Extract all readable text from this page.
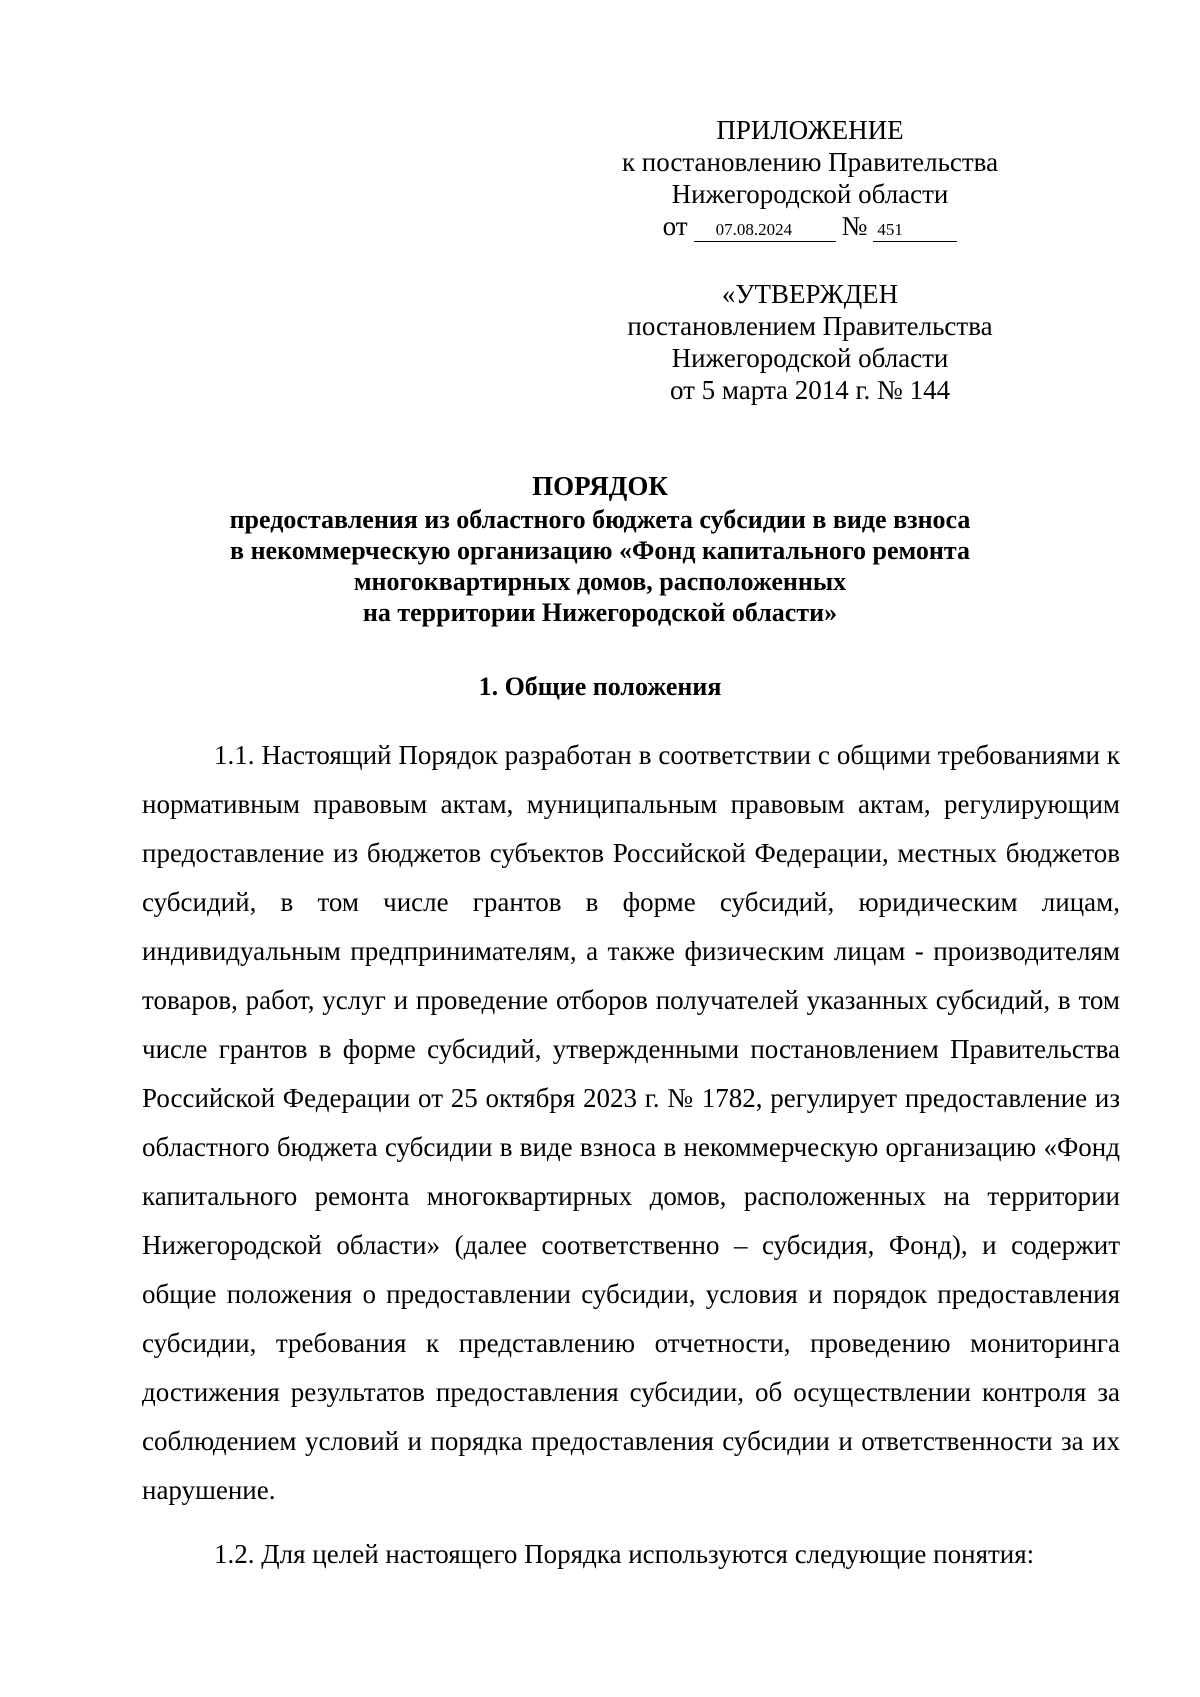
ПРИЛОЖЕНИЕ
к постановлению Правительства
Нижегородской области
от 07.08.2024 № 451
«УТВЕРЖДЕН
постановлением Правительства
Нижегородской области
от 5 марта 2014 г. № 144
ПОРЯДОК
предоставления из областного бюджета субсидии в виде взноса
в некоммерческую организацию «Фонд капитального ремонта
многоквартирных домов, расположенных
на территории Нижегородской области»
1. Общие положения

1.1. Настоящий Порядок разработан в соответствии с общими требованиями к нормативным правовым актам, муниципальным правовым актам, регулирующим предоставление из бюджетов субъектов Российской Федерации, местных бюджетов субсидий, в том числе грантов в форме субсидий, юридическим лицам, индивидуальным предпринимателям, а также физическим лицам - производителям товаров, работ, услуг и проведение отборов получателей указанных субсидий, в том числе грантов в форме субсидий, утвержденными постановлением Правительства Российской Федерации от 25 октября 2023 г. № 1782, регулирует предоставление из областного бюджета субсидии в виде взноса в некоммерческую организацию «Фонд капитального ремонта многоквартирных домов, расположенных на территории Нижегородской области» (далее соответственно – субсидия, Фонд), и содержит общие положения о предоставлении субсидии, условия и порядок предоставления субсидии, требования к представлению отчетности, проведению мониторинга достижения результатов предоставления субсидии, об осуществлении контроля за соблюдением условий и порядка предоставления субсидии и ответственности за их нарушение.

1.2. Для целей настоящего Порядка используются следующие понятия:
